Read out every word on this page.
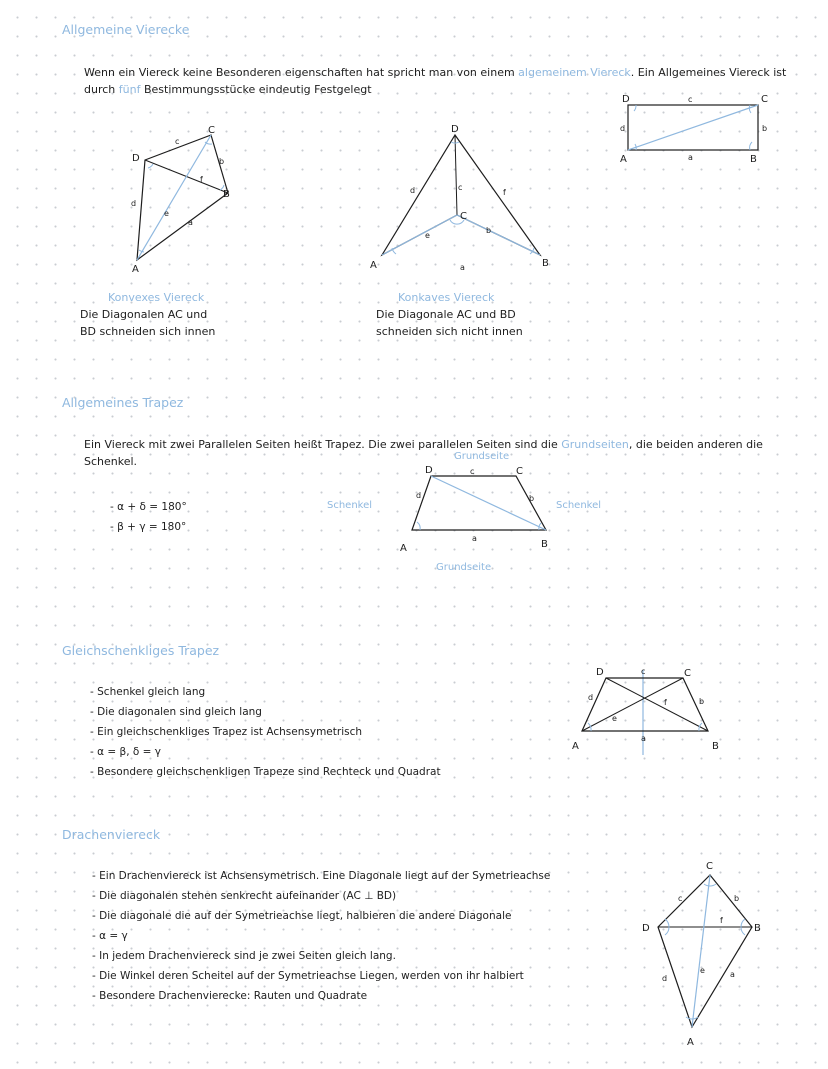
Allgemeine Vierecke

Wenn ein Viereck keine Besonderen eigenschaften hat spricht man von einem algemeinem Viereck. Ein Allgemeines Viereck ist durch fünf Bestimmungsstücke eindeutig Festgelegt

D	C
A	B
c
a
d	b
A
B
C
D
a
b
c
d
e
f
A	B
C
D
a
b
c
d
e
f
Konvexes Viereck
Die Diagonalen AC und
BD schneiden sich innen
Konkaves Viereck
Die Diagonale AC und BD
schneiden sich nicht innen
Allgemeines Trapez

Ein Viereck mit zwei Parallelen Seiten heißt Trapez. Die zwei parallelen Seiten sind die Grundseiten, die beiden anderen die Schenkel.

- α + δ = 180°
- β + γ = 180°
Grundseite
Schenkel	Schenkel
Grundseite
A	B
C
D
a
b
c
d
Gleichschenkliges Trapez
- Schenkel gleich lang
- Die diagonalen sind gleich lang
- Ein gleichschenkliges Trapez ist Achsensymetrisch
- α = β, δ = γ
- Besondere gleichschenkligen Trapeze sind Rechteck und Quadrat
A	B
C
D
a
b
c
d
e
f
Drachenviereck
- Ein Drachenviereck ist Achsensymetrisch. Eine Diagonale liegt auf der Symetrieachse
- Die diagonalen stehen senkrecht aufeinander (AC ⊥ BD)
- Die diagonale die auf der Symetrieachse liegt, halbieren die andere Diagonale
- α = γ
- In jedem Drachenviereck sind je zwei Seiten gleich lang.
- Die Winkel deren Scheitel auf der Symetrieachse Liegen, werden von ihr halbiert
- Besondere Drachenvierecke: Rauten und Quadrate
A
B
C
D
a
b
c
d
e
f
